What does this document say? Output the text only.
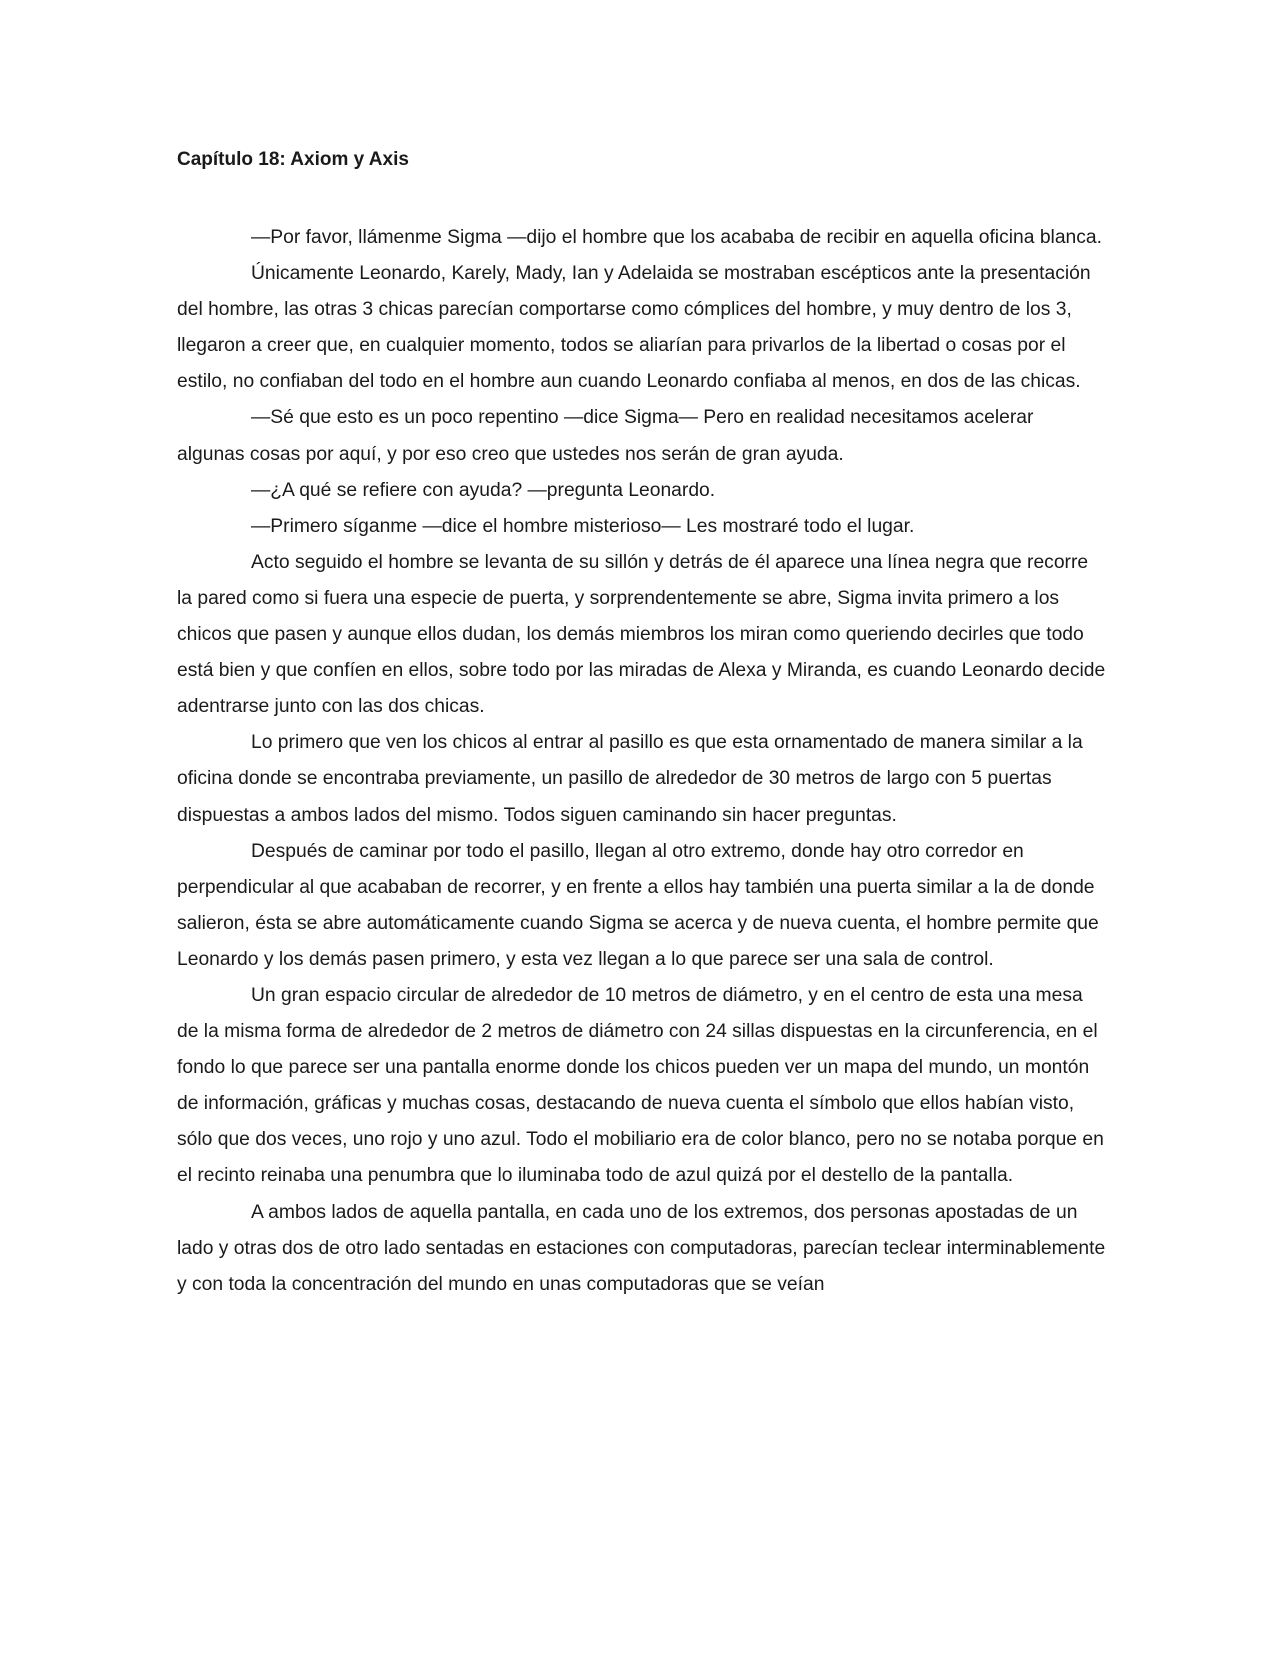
Capítulo 18: Axiom y Axis

―Por favor, llámenme Sigma ―dijo el hombre que los acababa de recibir en aquella oficina blanca.

Únicamente Leonardo, Karely, Mady, Ian y Adelaida se mostraban escépticos ante la presentación del hombre, las otras 3 chicas parecían comportarse como cómplices del hombre, y muy dentro de los 3, llegaron a creer que, en cualquier momento, todos se aliarían para privarlos de la libertad o cosas por el estilo, no confiaban del todo en el hombre aun cuando Leonardo confiaba al menos, en dos de las chicas.

―Sé que esto es un poco repentino ―dice Sigma― Pero en realidad necesitamos acelerar algunas cosas por aquí, y por eso creo que ustedes nos serán de gran ayuda.

―¿A qué se refiere con ayuda? ―pregunta Leonardo.

―Primero síganme ―dice el hombre misterioso― Les mostraré todo el lugar.

Acto seguido el hombre se levanta de su sillón y detrás de él aparece una línea negra que recorre la pared como si fuera una especie de puerta, y sorprendentemente se abre, Sigma invita primero a los chicos que pasen y aunque ellos dudan, los demás miembros los miran como queriendo decirles que todo está bien y que confíen en ellos, sobre todo por las miradas de Alexa y Miranda, es cuando Leonardo decide adentrarse junto con las dos chicas.

Lo primero que ven los chicos al entrar al pasillo es que esta ornamentado de manera similar a la oficina donde se encontraba previamente, un pasillo de alrededor de 30 metros de largo con 5 puertas dispuestas a ambos lados del mismo. Todos siguen caminando sin hacer preguntas.

Después de caminar por todo el pasillo, llegan al otro extremo, donde hay otro corredor en perpendicular al que acababan de recorrer, y en frente a ellos hay también una puerta similar a la de donde salieron, ésta se abre automáticamente cuando Sigma se acerca y de nueva cuenta, el hombre permite que Leonardo y los demás pasen primero, y esta vez llegan a lo que parece ser una sala de control.

Un gran espacio circular de alrededor de 10 metros de diámetro, y en el centro de esta una mesa de la misma forma de alrededor de 2 metros de diámetro con 24 sillas dispuestas en la circunferencia, en el fondo lo que parece ser una pantalla enorme donde los chicos pueden ver un mapa del mundo, un montón de información, gráficas y muchas cosas, destacando de nueva cuenta el símbolo que ellos habían visto, sólo que dos veces, uno rojo y uno azul. Todo el mobiliario era de color blanco, pero no se notaba porque en el recinto reinaba una penumbra que lo iluminaba todo de azul quizá por el destello de la pantalla.

A ambos lados de aquella pantalla, en cada uno de los extremos, dos personas apostadas de un lado y otras dos de otro lado sentadas en estaciones con computadoras, parecían teclear interminablemente y con toda la concentración del mundo en unas computadoras que se veían
